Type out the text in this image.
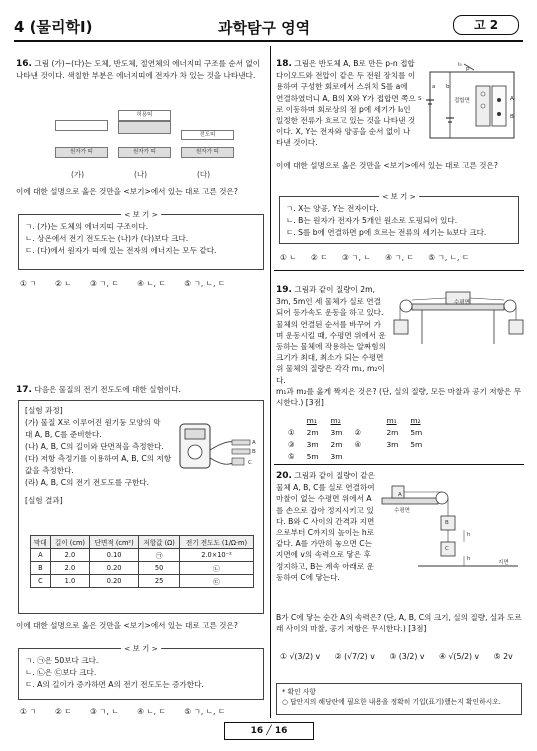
4 (물리학Ⅰ)	과학탐구 영역	고 2
16. 그림 (가)~(다)는 도체, 반도체, 절연체의 에너지띠 구조를 순서 없이 나타낸 것이다. 색칠한 부분은 에너지띠에 전자가 차 있는 것을 나타낸다.
원자가 띠
허용띠
원자가 띠
전도띠
원자가 띠
(가)	(나)	(다)
이에 대한 설명으로 옳은 것만을 <보기>에서 있는 대로 고른 것은?
< 보 기 >
ㄱ. (가)는 도체의 에너지띠 구조이다.
ㄴ. 상온에서 전기 전도도는 (나)가 (다)보다 크다.
ㄷ. (다)에서 원자가 띠에 있는 전자의 에너지는 모두 같다.
① ㄱ ② ㄴ ③ ㄱ, ㄷ ④ ㄴ, ㄷ ⑤ ㄱ, ㄴ, ㄷ
17. 다음은 물질의 전기 전도도에 대한 실험이다.
[실험 과정]
(가) 물질 X로 이루어진 원기둥 모양의 막대 A, B, C를 준비한다.
(나) A, B, C의 길이와 단면적을 측정한다.
(다) 저항 측정기를 이용하여 A, B, C의 저항값을 측정한다.
(라) A, B, C의 전기 전도도를 구한다.
[실험 결과]
A
B
C
막대	길이 (cm)	단면적 (cm²)	저항값 (Ω)	전기 전도도 (1/Ω·m)
A	2.0	0.10	㉠	2.0×10⁻²
B	2.0	0.20	50	㉡
C	1.0	0.20	25	㉢
이에 대한 설명으로 옳은 것만을 <보기>에서 있는 대로 고른 것은?
< 보 기 >
ㄱ. ㉠은 50보다 크다.
ㄴ. ㉡은 ㉢보다 크다.
ㄷ. A의 길이가 증가하면 A의 전기 전도도는 증가한다.
① ㄱ ② ㄷ ③ ㄱ, ㄴ ④ ㄴ, ㄷ ⑤ ㄱ, ㄴ, ㄷ
18. 그림은 반도체 A, B로 만든 p-n 접합 다이오드와 전압이 같은 두 전원 장치를 이용하여 구성한 회로에서 스위치 S를 a에 연결하였더니 A, B의 X와 Y가 접합면 쪽으로 이동하며 회로상의 점 p에 세기가 I₀인 일정한 전류가 흐르고 있는 것을 나타낸 것이다. X, Y는 전자와 양공을 순서 없이 나타낸 것이다.
I₀
p
S
a b
접합면	A
B
이에 대한 설명으로 옳은 것만을 <보기>에서 있는 대로 고른 것은?
< 보 기 >
ㄱ. X는 양공, Y는 전자이다.
ㄴ. B는 원자가 전자가 5개인 원소로 도핑되어 있다.
ㄷ. S를 b에 연결하면 p에 흐르는 전류의 세기는 I₀보다 크다.
① ㄴ ② ㄷ ③ ㄱ, ㄴ ④ ㄱ, ㄷ ⑤ ㄱ, ㄴ, ㄷ
19. 그림과 같이 질량이 2m, 3m, 5m인 세 물체가 실로 연결되어 등가속도 운동을 하고 있다. 물체의 연결된 순서를 바꾸어 가며 운동시킬 때, 수평면 위에서 운동하는 물체에 작용하는 알짜힘의 크기가 최대, 최소가 되는 수평면 위 물체의 질량은 각각 m₁, m₂이다.
m₁과 m₂를 옳게 짝지은 것은? (단, 실의 질량, 모든 마찰과 공기 저항은 무시한다.) [3점]
수평면
	m₁	m₂		m₁	m₂
①	2m	3m	②	2m	5m
③	3m	2m	④	3m	5m
⑤	5m	3m			
20. 그림과 같이 질량이 같은 물체 A, B, C를 실로 연결하여 마찰이 없는 수평면 위에서 A를 손으로 잡아 정지시키고 있다. B와 C 사이의 간격과 지면으로부터 C까지의 높이는 h로 같다. A를 가만히 놓으면 C는 지면에 v의 속력으로 닿은 후 정지하고, B는 계속 아래로 운동하여 C에 닿는다.
B가 C에 닿는 순간 A의 속력은? (단, A, B, C의 크기, 실의 질량, 실과 도르래 사이의 마찰, 공기 저항은 무시한다.) [3점]
A
수평면
B
h
C
h
지면
① √(3/2) v ② (√7/2) v ③ (3/2) v ④ √(5/2) v ⑤ 2v
* 확인 사항
○ 답안지의 해당란에 필요한 내용을 정확히 기입(표기)했는지 확인하시오.
16 ╱ 16
